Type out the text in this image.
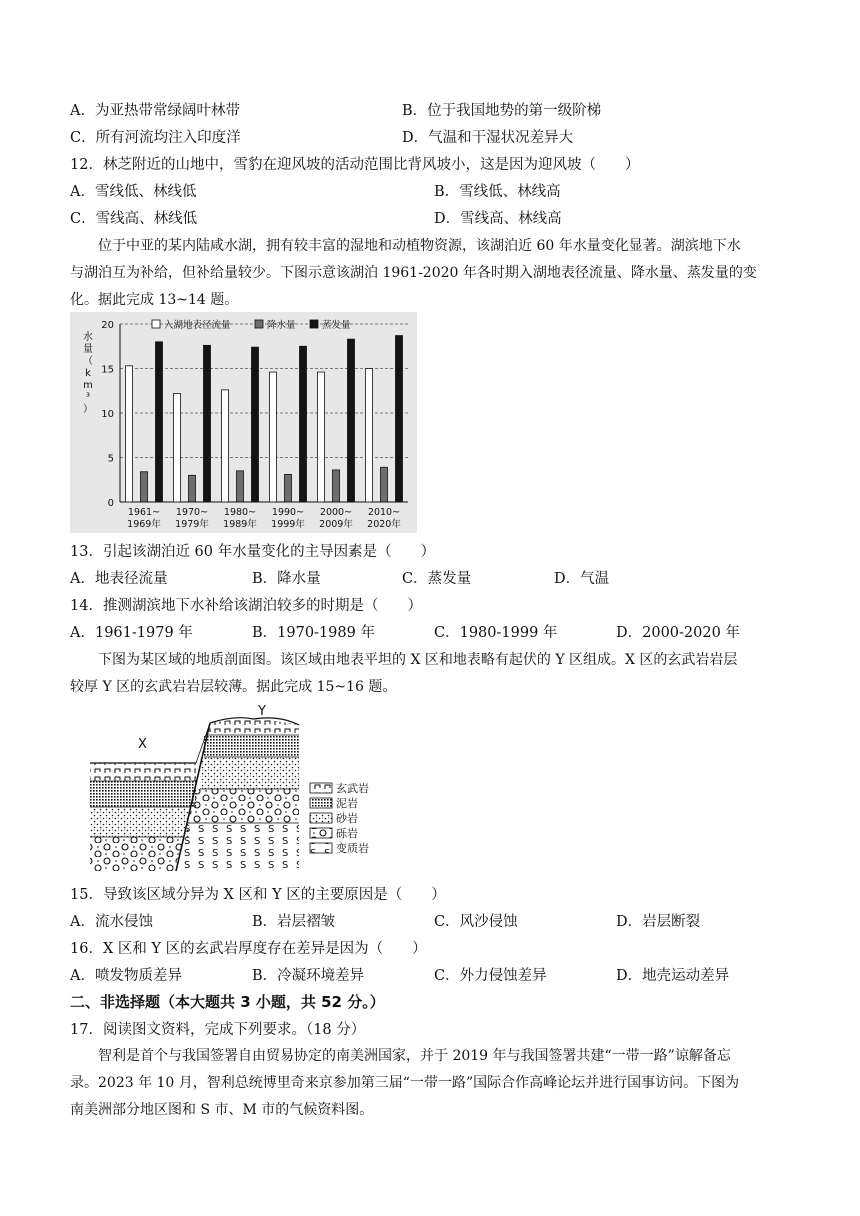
A．为亚热带常绿阔叶林带	B．位于我国地势的第一级阶梯
C．所有河流均注入印度洋	D．气温和干湿状况差异大
12．林芝附近的山地中，雪豹在迎风坡的活动范围比背风坡小，这是因为迎风坡（　　）
A．雪线低、林线低	B．雪线低、林线高
C．雪线高、林线低	D．雪线高、林线高
位于中亚的某内陆咸水湖，拥有较丰富的湿地和动植物资源，该湖泊近 60 年水量变化显著。湖滨地下水
与湖泊互为补给，但补给量较少。下图示意该湖泊 1961-2020 年各时期入湖地表径流量、降水量、蒸发量的变
化。据此完成 13~14 题。
0
5
10
15
20
水
量
（
k
m
³
）
入湖地表径流量	降水量	蒸发量
1961~
1969年
1970~
1979年
1980~
1989年
1990~
1999年
2000~
2009年
2010~
2020年
13．引起该湖泊近 60 年水量变化的主导因素是（　　）
A．地表径流量	B．降水量	C．蒸发量	D．气温
14．推测湖滨地下水补给该湖泊较多的时期是（　　）
A．1961-1979 年	B．1970-1989 年	C．1980-1999 年	D．2000-2020 年
下图为某区域的地质剖面图。该区域由地表平坦的 X 区和地表略有起伏的 Y 区组成。X 区的玄武岩岩层
较厚 Y 区的玄武岩岩层较薄。据此完成 15~16 题。
X
Y
玄武岩
泥岩
砂岩
砾岩
变质岩
15．导致该区域分异为 X 区和 Y 区的主要原因是（　　）
A．流水侵蚀	B．岩层褶皱	C．风沙侵蚀	D．岩层断裂
16．X 区和 Y 区的玄武岩厚度存在差异是因为（　　）
A．喷发物质差异	B．冷凝环境差异	C．外力侵蚀差异	D．地壳运动差异
二、非选择题（本大题共 3 小题，共 52 分。）
17．阅读图文资料，完成下列要求。（18 分）
智利是首个与我国签署自由贸易协定的南美洲国家，并于 2019 年与我国签署共建“一带一路”谅解备忘
录。2023 年 10 月，智利总统博里奇来京参加第三届“一带一路”国际合作高峰论坛并进行国事访问。下图为
南美洲部分地区图和 S 市、M 市的气候资料图。
